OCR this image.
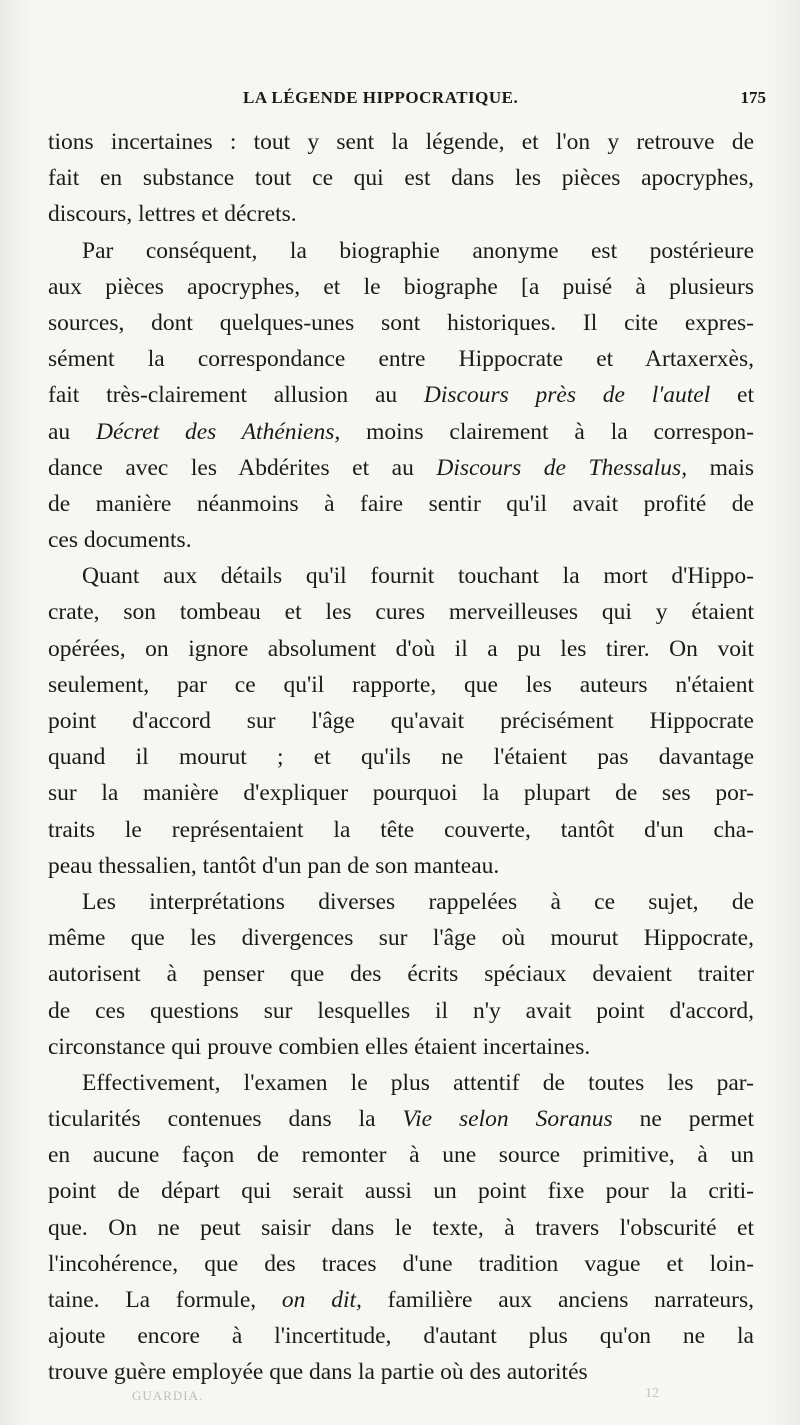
LA LÉGENDE HIPPOCRATIQUE.	175
tions incertaines : tout y sent la légende, et l'on y retrouve de
fait en substance tout ce qui est dans les pièces apocryphes,
discours, lettres et décrets.
Par conséquent, la biographie anonyme est postérieure
aux pièces apocryphes, et le biographe [a puisé à plusieurs
sources, dont quelques-unes sont historiques. Il cite expres-
sément la correspondance entre Hippocrate et Artaxerxès,
fait très-clairement allusion au Discours près de l'autel et
au Décret des Athéniens, moins clairement à la correspon-
dance avec les Abdérites et au Discours de Thessalus, mais
de manière néanmoins à faire sentir qu'il avait profité de
ces documents.
Quant aux détails qu'il fournit touchant la mort d'Hippo-
crate, son tombeau et les cures merveilleuses qui y étaient
opérées, on ignore absolument d'où il a pu les tirer. On voit
seulement, par ce qu'il rapporte, que les auteurs n'étaient
point d'accord sur l'âge qu'avait précisément Hippocrate
quand il mourut ; et qu'ils ne l'étaient pas davantage
sur la manière d'expliquer pourquoi la plupart de ses por-
traits le représentaient la tête couverte, tantôt d'un cha-
peau thessalien, tantôt d'un pan de son manteau.
Les interprétations diverses rappelées à ce sujet, de
même que les divergences sur l'âge où mourut Hippocrate,
autorisent à penser que des écrits spéciaux devaient traiter
de ces questions sur lesquelles il n'y avait point d'accord,
circonstance qui prouve combien elles étaient incertaines.
Effectivement, l'examen le plus attentif de toutes les par-
ticularités contenues dans la Vie selon Soranus ne permet
en aucune façon de remonter à une source primitive, à un
point de départ qui serait aussi un point fixe pour la criti-
que. On ne peut saisir dans le texte, à travers l'obscurité et
l'incohérence, que des traces d'une tradition vague et loin-
taine. La formule, on dit, familière aux anciens narrateurs,
ajoute encore à l'incertitude, d'autant plus qu'on ne la
trouve guère employée que dans la partie où des autorités
GUARDIA.	12
